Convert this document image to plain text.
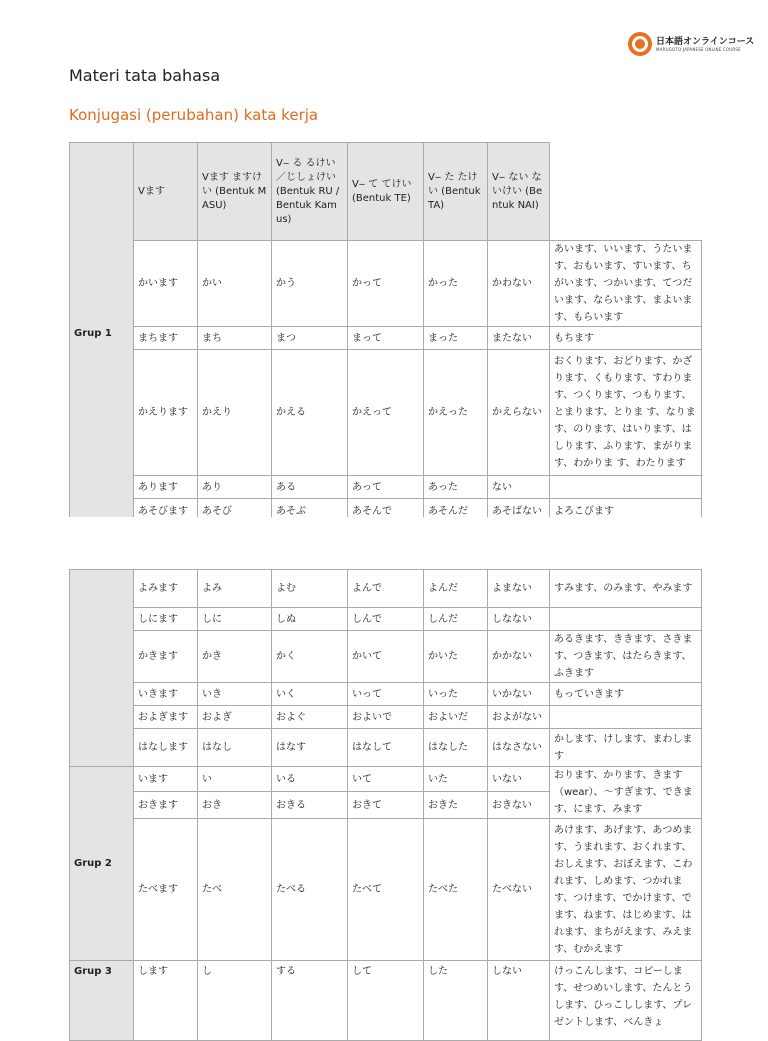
日本語オンラインコース
MARUGOTO JAPANESE ONLINE COURSE
Materi tata bahasa
Konjugasi (perubahan) kata kerja
Grup 1	Vます	Vます ますけい (Bentuk MASU)	V‒ る るけい／じしょけい (Bentuk RU / Bentuk Kamus)	V‒ て てけい (Bentuk TE)	V‒ た たけい (Bentuk TA)	V‒ ない ないけい (Bentuk NAI)	
	かいます	かい	かう	かって	かった	かわない	あいます、いいます、うたいます、おもいます、すいます、ちがいます、つかいます、てつだいます、ならいます、まよいます、もらいます
	まちます	まち	まつ	まって	まった	またない	もちます
	かえります	かえり	かえる	かえって	かえった	かえらない	おくります、おどります、かざります、くもります、すわります、つくります、つもります、とまります、とりま す、なります、のります、はいります、はしります、ふります、まがります、わかりま す、わたります
	あります	あり	ある	あって	あった	ない	
	あそびます	あそび	あそぶ	あそんで	あそんだ	あそばない	よろこびます
	よみます	よみ	よむ	よんで	よんだ	よまない	すみます、のみます、やみます
	しにます	しに	しぬ	しんで	しんだ	しなない	
	かきます	かき	かく	かいて	かいた	かかない	あるきます、ききます、さきます、つきます、はたらきます、ふきます
	いきます	いき	いく	いって	いった	いかない	もっていきます
	およぎます	およぎ	およぐ	およいで	およいだ	およがない	
	はなします	はなし	はなす	はなして	はなした	はなさない	かします、けします、まわします
Grup 2	います	い	いる	いて	いた	いない	おります、かります、きます（wear）、〜すぎます、できます、にます、みます
	おきます	おき	おきる	おきて	おきた	おきない	
	たべます	たべ	たべる	たべて	たべた	たべない	あけます、あげます、あつめます、うまれます、おくれます、おしえます、おぼえます、こわれます、しめます、つかれます、つけます、でかけます、でます、ねます、はじめます、はれます、まちがえます、みえます、むかえます
Grup 3	します	し	する	して	した	しない	けっこんします、コピーします、せつめいします、たんとうします、ひっこしします、プレゼントします、べんきょ
